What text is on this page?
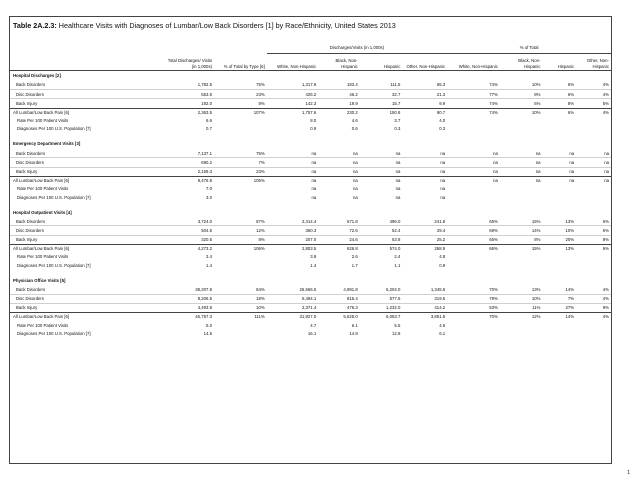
Table 2A.2.3: Healthcare Visits with Diagnoses of Lumbar/Low Back Disorders [1] by Race/Ethnicity, United States 2013
			Discharges/Visits (in 1,000s)				% of Total			
	Total Discharges/ Visits (in 1,000s)	% of Total by Type [6]	White, Non-Hispanic	Black, Non-Hispanic	Hispanic	Other, Non-Hispanic	White, Non-Hispanic	Black, Non-Hispanic	Hispanic	Other, Non-Hispanic
Hospital Discharges [2]										
Back Disorders	1,782.5	75%	1,317.9	183.4	111.5	65.3	74%	10%	6%	4%
Disc Disorders	553.5	23%	426.2	46.2	32.7	21.3	77%	8%	6%	4%
Back Injury	192.0	8%	142.3	19.9	15.7	9.9	74%	6%	8%	5%
All Lumbar/Low Back Pain [6]	2,363.5	107%	1,757.6	230.2	150.8	90.7	74%	10%	6%	4%
Rate Per 100 Patient Visits	6.6		8.0	4.6	3.7	4.0				
Diagnoses Per 100 U.S. Population [7]	0.7		0.9	0.6	0.3	0.3				

Emergency Department Visits [3]										
Back Disorders	7,137.1	75%	na	na	na	na	na	na	na	na
Disc Disorders	690.2	7%	na	na	na	na	na	na	na	na
Back Injury	2,159.3	23%	na	na	na	na	na	na	na	na
All Lumbar/Low Back Pain [6]	9,476.9	105%	na	na	na	na	na	na	na	na
Rate Per 100 Patient Visits	7.0		na	na	na	na				
Diagnoses Per 100 U.S. Population [7]	3.0		na	na	na	na				

Hospital Outpatient Visits [4]										
Back Disorders	3,724.0	87%	2,414.4	571.8	496.0	241.8	65%	15%	13%	6%
Disc Disorders	504.5	12%	350.3	72.6	52.4	29.4	69%	14%	10%	6%
Back Injury	320.5	8%	207.0	24.6	63.8	25.2	65%	8%	20%	8%
All Lumbar/Low Back Pain [6]	4,273.2	106%	2,803.5	626.8	574.0	268.9	66%	15%	13%	6%
Rate Per 100 Patient Visits	3.4		3.9	2.6	2.4	4.8				
Diagnoses Per 100 U.S. Population [7]	1.4		1.4	1.7	1.1	0.9				

Physician Office Visits [5]										
Back Disorders	38,207.8	84%	26,666.5	4,991.8	5,204.0	1,345.5	70%	13%	14%	4%
Disc Disorders	8,206.5	18%	6,494.1	815.4	577.5	319.5	79%	10%	7%	4%
Back Injury	4,493.9	10%	2,371.4	476.3	1,232.0	414.2	53%	11%	27%	9%
All Lumbar/Low Back Pain [6]	45,757.3	111%	31,827.0	5,625.0	6,053.7	3,851.5	70%	12%	14%	4%
Rate Per 100 Patient Visits	5.0		4.7	6.1	5.5	4.5				
Diagnoses Per 100 U.S. Population [7]	14.5		16.1	14.8	12.8	6.1				
1
